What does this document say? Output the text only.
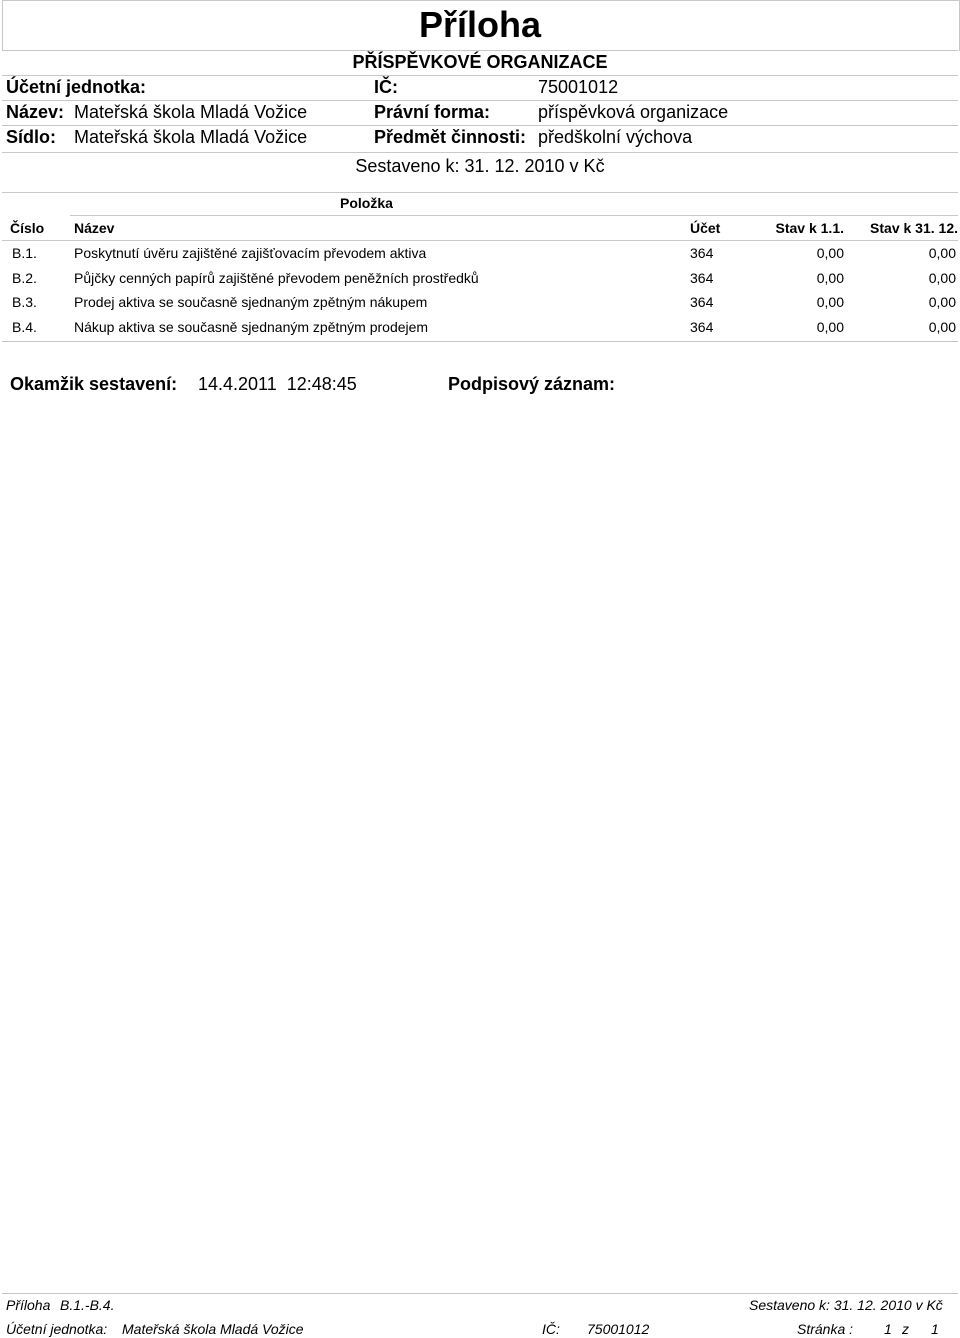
Příloha
PŘÍSPĚVKOVÉ ORGANIZACE
Účetní jednotka:	IČ:	75001012
Název: Mateřská škola Mladá Vožice	Právní forma:	příspěvková organizace
Sídlo: Mateřská škola Mladá Vožice	Předmět činnosti: předškolní výchova
Sestaveno k: 31. 12. 2010 v Kč
Položka
Číslo Název	Účet	Stav k 1.1.	Stav k 31. 12.
B.1.	Poskytnutí úvěru zajištěné zajišťovacím převodem aktiva	364	0,00	0,00
B.2.	Půjčky cenných papírů zajištěné převodem peněžních prostředků	364	0,00	0,00
B.3.	Prodej aktiva se současně sjednaným zpětným nákupem	364	0,00	0,00
B.4.	Nákup aktiva se současně sjednaným zpětným prodejem	364	0,00	0,00
Okamžik sestavení: 14.4.2011  12:48:45	Podpisový záznam:
Příloha B.1.-B.4.	Sestaveno k: 31. 12. 2010 v Kč
Účetní jednotka: Mateřská škola Mladá Vožice	IČ: 75001012	Stránka : 1 z 1
